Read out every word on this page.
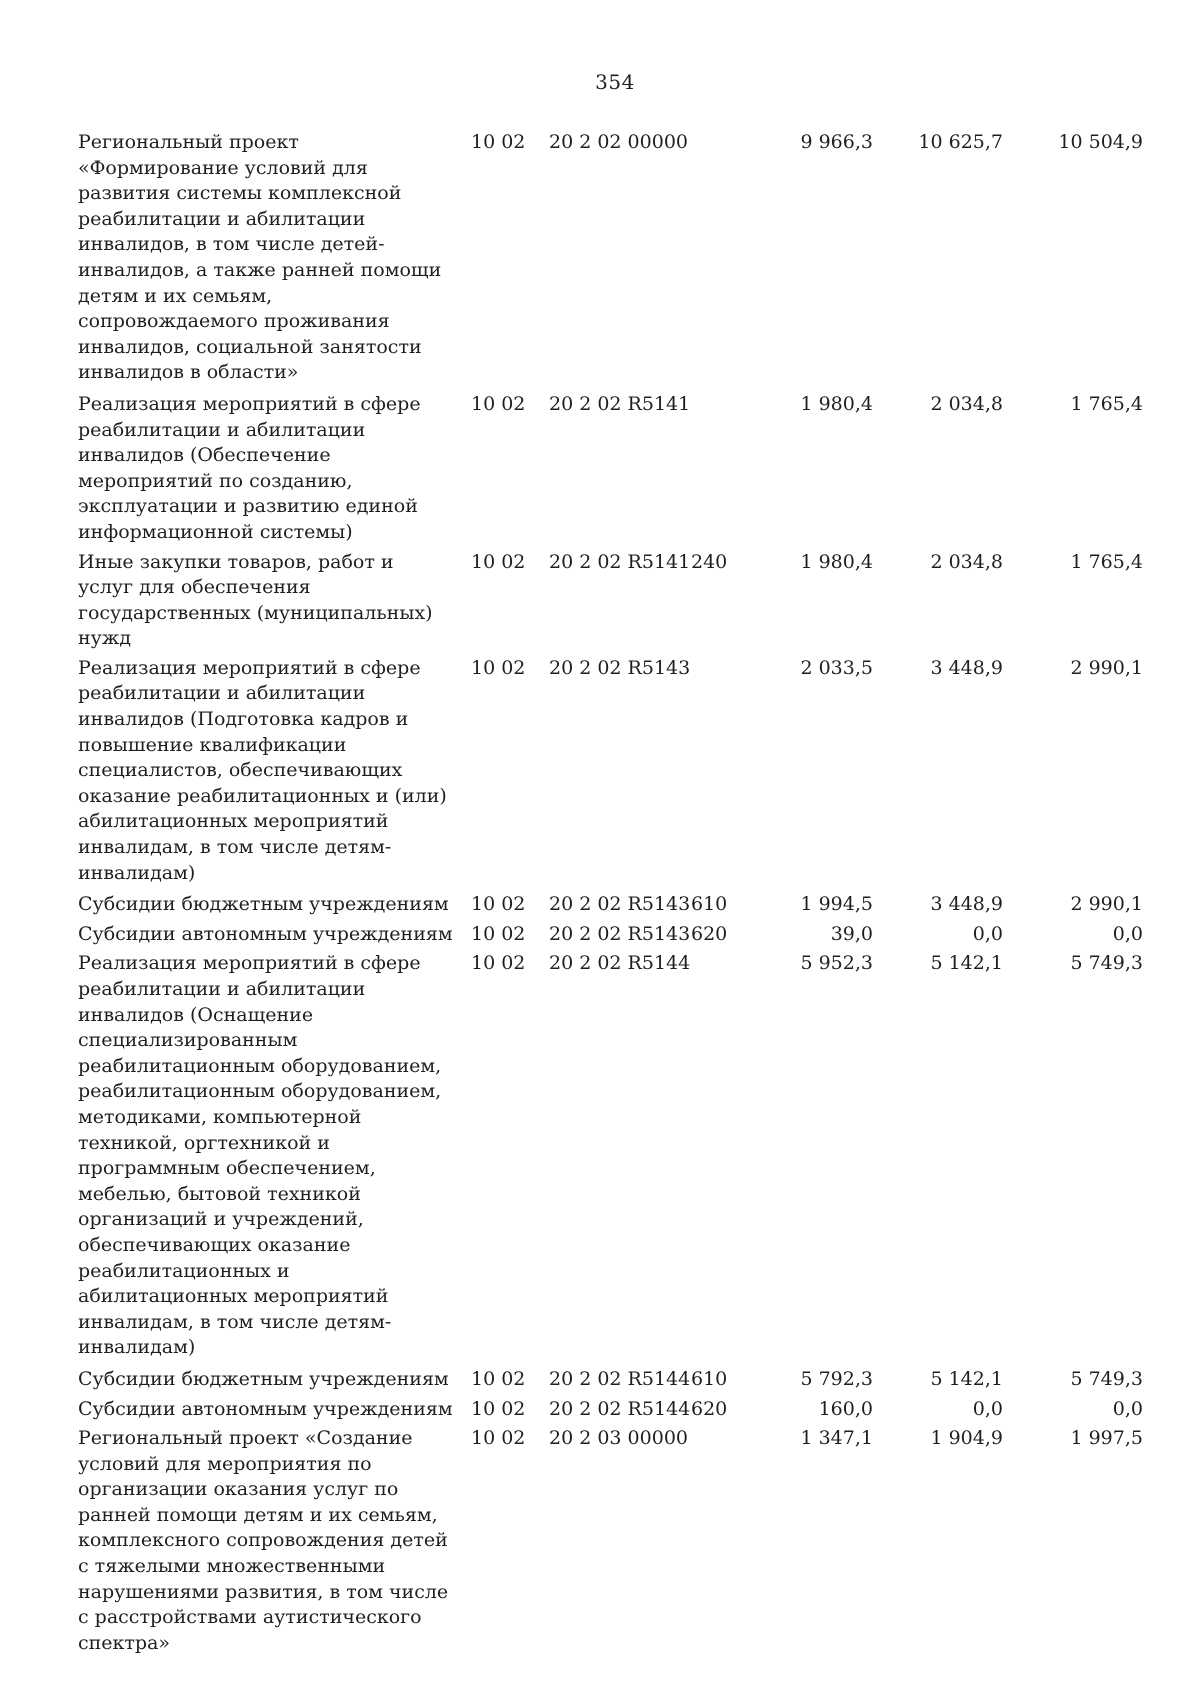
354
Региональный проект «Формирование условий для развития системы комплексной реабилитации и абилитации инвалидов, в том числе детей-инвалидов, а также ранней помощи детям и их семьям, сопровождаемого проживания инвалидов, социальной занятости инвалидов в области»
10 02	20 2 02 00000	9 966,3	10 625,7	10 504,9
Реализация мероприятий в сфере реабилитации и абилитации инвалидов (Обеспечение мероприятий по созданию, эксплуатации и развитию единой информационной системы)
10 02	20 2 02 R5141	1 980,4	2 034,8	1 765,4
Иные закупки товаров, работ и услуг для обеспечения государственных (муниципальных) нужд
10 02	20 2 02 R5141 240	1 980,4	2 034,8	1 765,4
Реализация мероприятий в сфере реабилитации и абилитации инвалидов (Подготовка кадров и повышение квалификации специалистов, обеспечивающих оказание реабилитационных и (или) абилитационных мероприятий инвалидам, в том числе детям-инвалидам)
10 02	20 2 02 R5143	2 033,5	3 448,9	2 990,1
Субсидии бюджетным учреждениям	10 02	20 2 02 R5143 610	1 994,5	3 448,9	2 990,1
Субсидии автономным учреждениям 10 02	20 2 02 R5143 620	39,0	0,0	0,0
Реализация мероприятий в сфере реабилитации и абилитации инвалидов (Оснащение специализированным реабилитационным оборудованием, реабилитационным оборудованием, методиками, компьютерной техникой, оргтехникой и программным обеспечением, мебелью, бытовой техникой организаций и учреждений, обеспечивающих оказание реабилитационных и абилитационных мероприятий инвалидам, в том числе детям-инвалидам)
10 02	20 2 02 R5144	5 952,3	5 142,1	5 749,3
Субсидии бюджетным учреждениям	10 02	20 2 02 R5144 610	5 792,3	5 142,1	5 749,3
Субсидии автономным учреждениям 10 02	20 2 02 R5144 620	160,0	0,0	0,0
Региональный проект «Создание условий для мероприятия по организации оказания услуг по ранней помощи детям и их семьям, комплексного сопровождения детей с тяжелыми множественными нарушениями развития, в том числе с расстройствами аутистического спектра»
10 02	20 2 03 00000	1 347,1	1 904,9	1 997,5
